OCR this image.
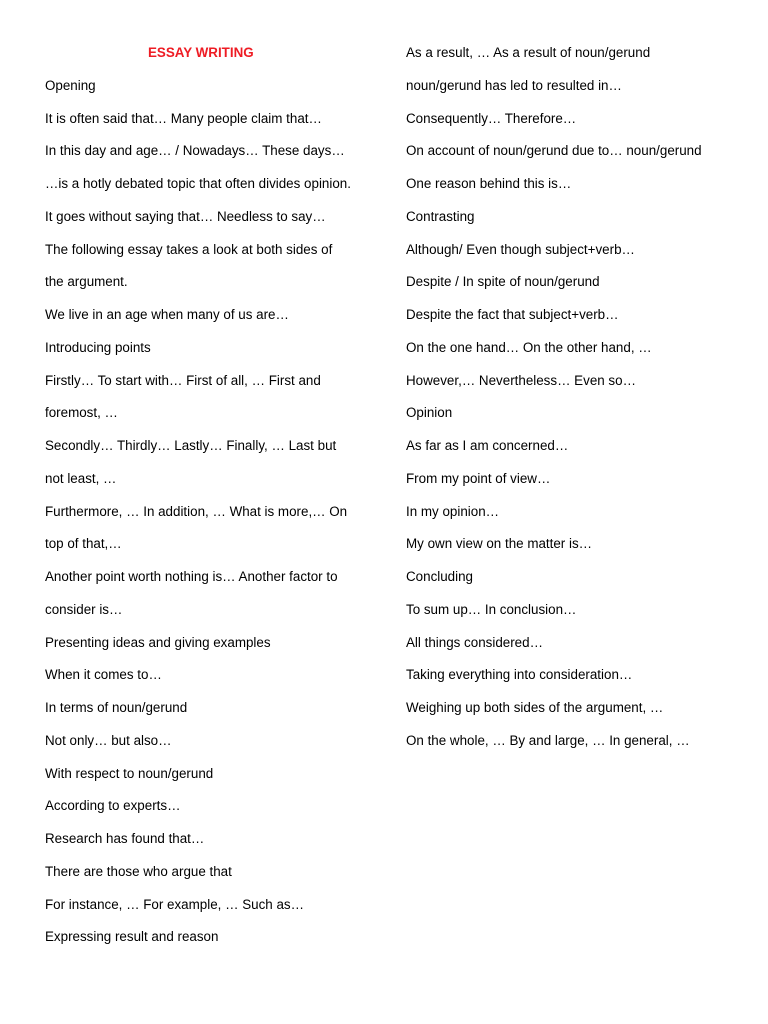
ESSAY WRITING
Opening
It is often said that… Many people claim that…
In this day and age… / Nowadays… These days…
…is a hotly debated topic that often divides opinion.
It goes without saying that… Needless to say…
The following essay takes a look at both sides of
the argument.
We live in an age when many of us are…
Introducing points
Firstly… To start with… First of all, … First and
foremost, …
Secondly… Thirdly… Lastly… Finally, … Last but
not least, …
Furthermore, … In addition, … What is more,… On
top of that,…
Another point worth nothing is… Another factor to
consider is…
Presenting ideas and giving examples
When it comes to…
In terms of noun/gerund
Not only… but also…
With respect to noun/gerund
According to experts…
Research has found that…
There are those who argue that
For instance, … For example, … Such as…
Expressing result and reason
As a result, … As a result of noun/gerund
noun/gerund has led to resulted in…
Consequently… Therefore…
On account of noun/gerund due to… noun/gerund
One reason behind this is…
Contrasting
Although/ Even though subject+verb…
Despite / In spite of noun/gerund
Despite the fact that subject+verb…
On the one hand… On the other hand, …
However,… Nevertheless… Even so…
Opinion
As far as I am concerned…
From my point of view…
In my opinion…
My own view on the matter is…
Concluding
To sum up… In conclusion…
All things considered…
Taking everything into consideration…
Weighing up both sides of the argument, …
On the whole, … By and large, … In general, …
